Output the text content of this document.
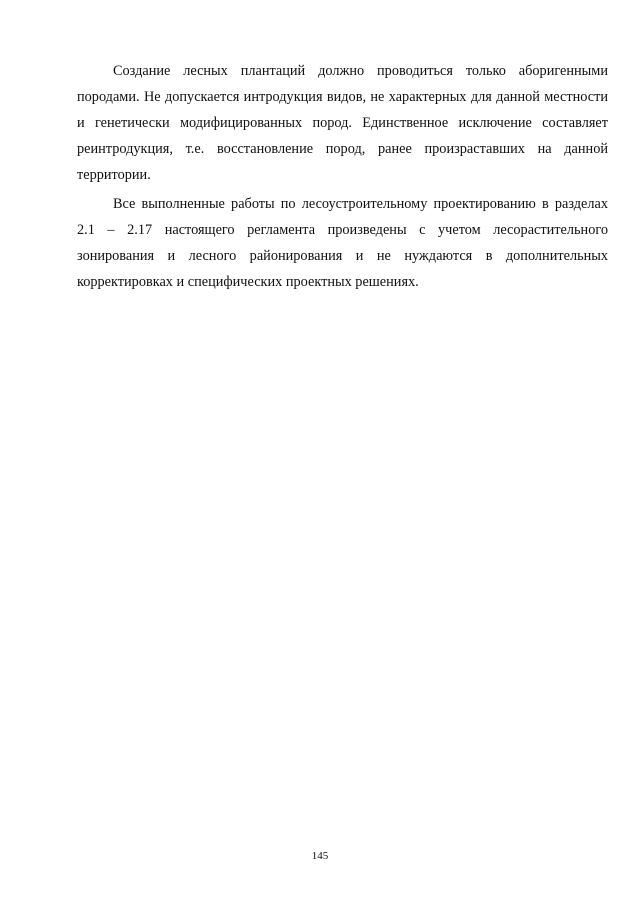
Создание лесных плантаций должно проводиться только аборигенными породами. Не допускается интродукция видов, не характерных для данной местности и генетически модифицированных пород. Единственное исключение составляет реинтродукция, т.е. восстановление пород, ранее произраставших на данной территории.

Все выполненные работы по лесоустроительному проектированию в разделах 2.1 – 2.17 настоящего регламента произведены с учетом лесорастительного зонирования и лесного районирования и не нуждаются в дополнительных корректировках и специфических проектных решениях.

145
